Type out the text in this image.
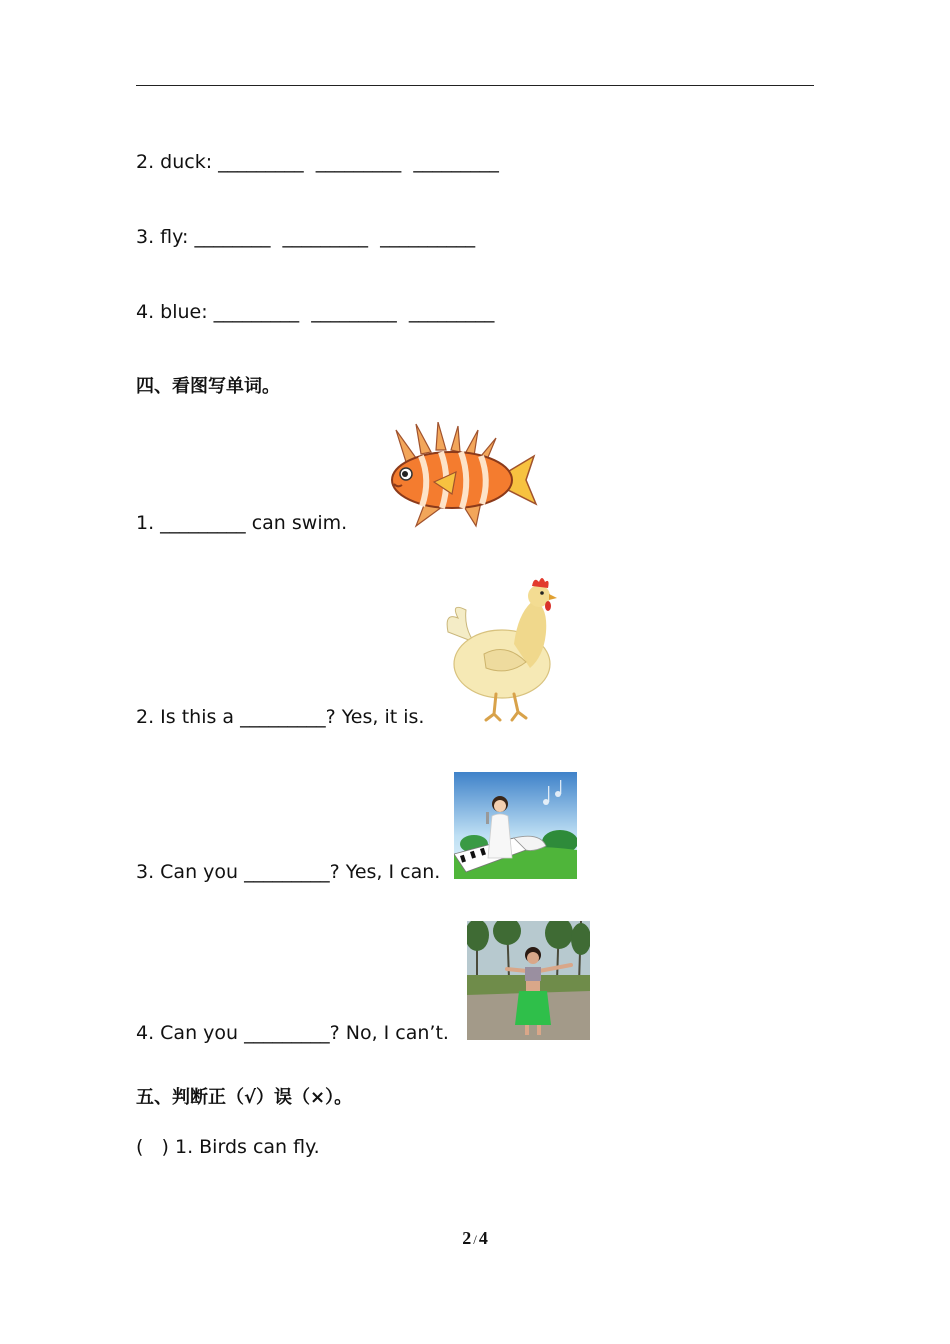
2. duck: _________  _________  _________
3. fly: ________  _________  __________
4. blue: _________  _________  _________
四、看图写单词。
1. _________ can swim.
2. Is this a _________? Yes, it is.
3. Can you _________? Yes, I can.
4. Can you _________? No, I can’t.
五、判断正（√）误（×）。
(   ) 1. Birds can fly.
2 / 4
